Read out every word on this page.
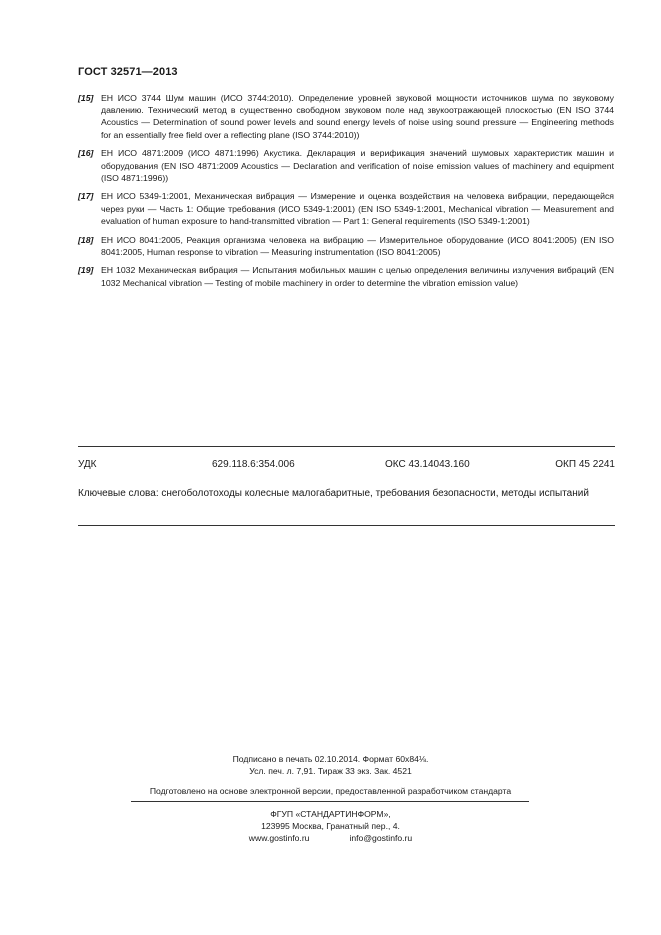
ГОСТ 32571—2013
[15] ЕН ИСО 3744 Шум машин (ИСО 3744:2010). Определение уровней звуковой мощности источников шума по звуковому давлению. Технический метод в существенно свободном звуковом поле над звукоотражающей плоскостью (EN ISO 3744 Acoustics — Determination of sound power levels and sound energy levels of noise using sound pressure — Engineering methods for an essentially free field over a reflecting plane (ISO 3744:2010))
[16] ЕН ИСО 4871:2009 (ИСО 4871:1996) Акустика. Декларация и верификация значений шумовых характеристик машин и оборудования (EN ISO 4871:2009 Acoustics — Declaration and verification of noise emission values of machinery and equipment (ISO 4871:1996))
[17] ЕН ИСО 5349-1:2001, Механическая вибрация — Измерение и оценка воздействия на человека вибрации, передающейся через руки — Часть 1: Общие требования (ИСО 5349-1:2001) (EN ISO 5349-1:2001, Mechanical vibration — Measurement and evaluation of human exposure to hand-transmitted vibration — Part 1: General requirements (ISO 5349-1:2001)
[18] ЕН ИСО 8041:2005, Реакция организма человека на вибрацию — Измерительное оборудование (ИСО 8041:2005) (EN ISO 8041:2005, Human response to vibration — Measuring instrumentation (ISO 8041:2005)
[19] ЕН 1032 Механическая вибрация — Испытания мобильных машин с целью определения величины излучения вибраций (EN 1032 Mechanical vibration — Testing of mobile machinery in order to determine the vibration emission value)
УДК	629.118.6:354.006	ОКС 43.14043.160	ОКП 45 2241
Ключевые слова: снегоболотоходы колесные малогабаритные, требования безопасности, методы испытаний
Подписано в печать 02.10.2014. Формат 60х84⅛.
Усл. печ. л. 7,91. Тираж 33 экз. Зак. 4521
Подготовлено на основе электронной версии, предоставленной разработчиком стандарта
ФГУП «СТАНДАРТИНФОРМ»,
123995 Москва, Гранатный пер., 4.
www.gostinfo.ru	info@gostinfo.ru
